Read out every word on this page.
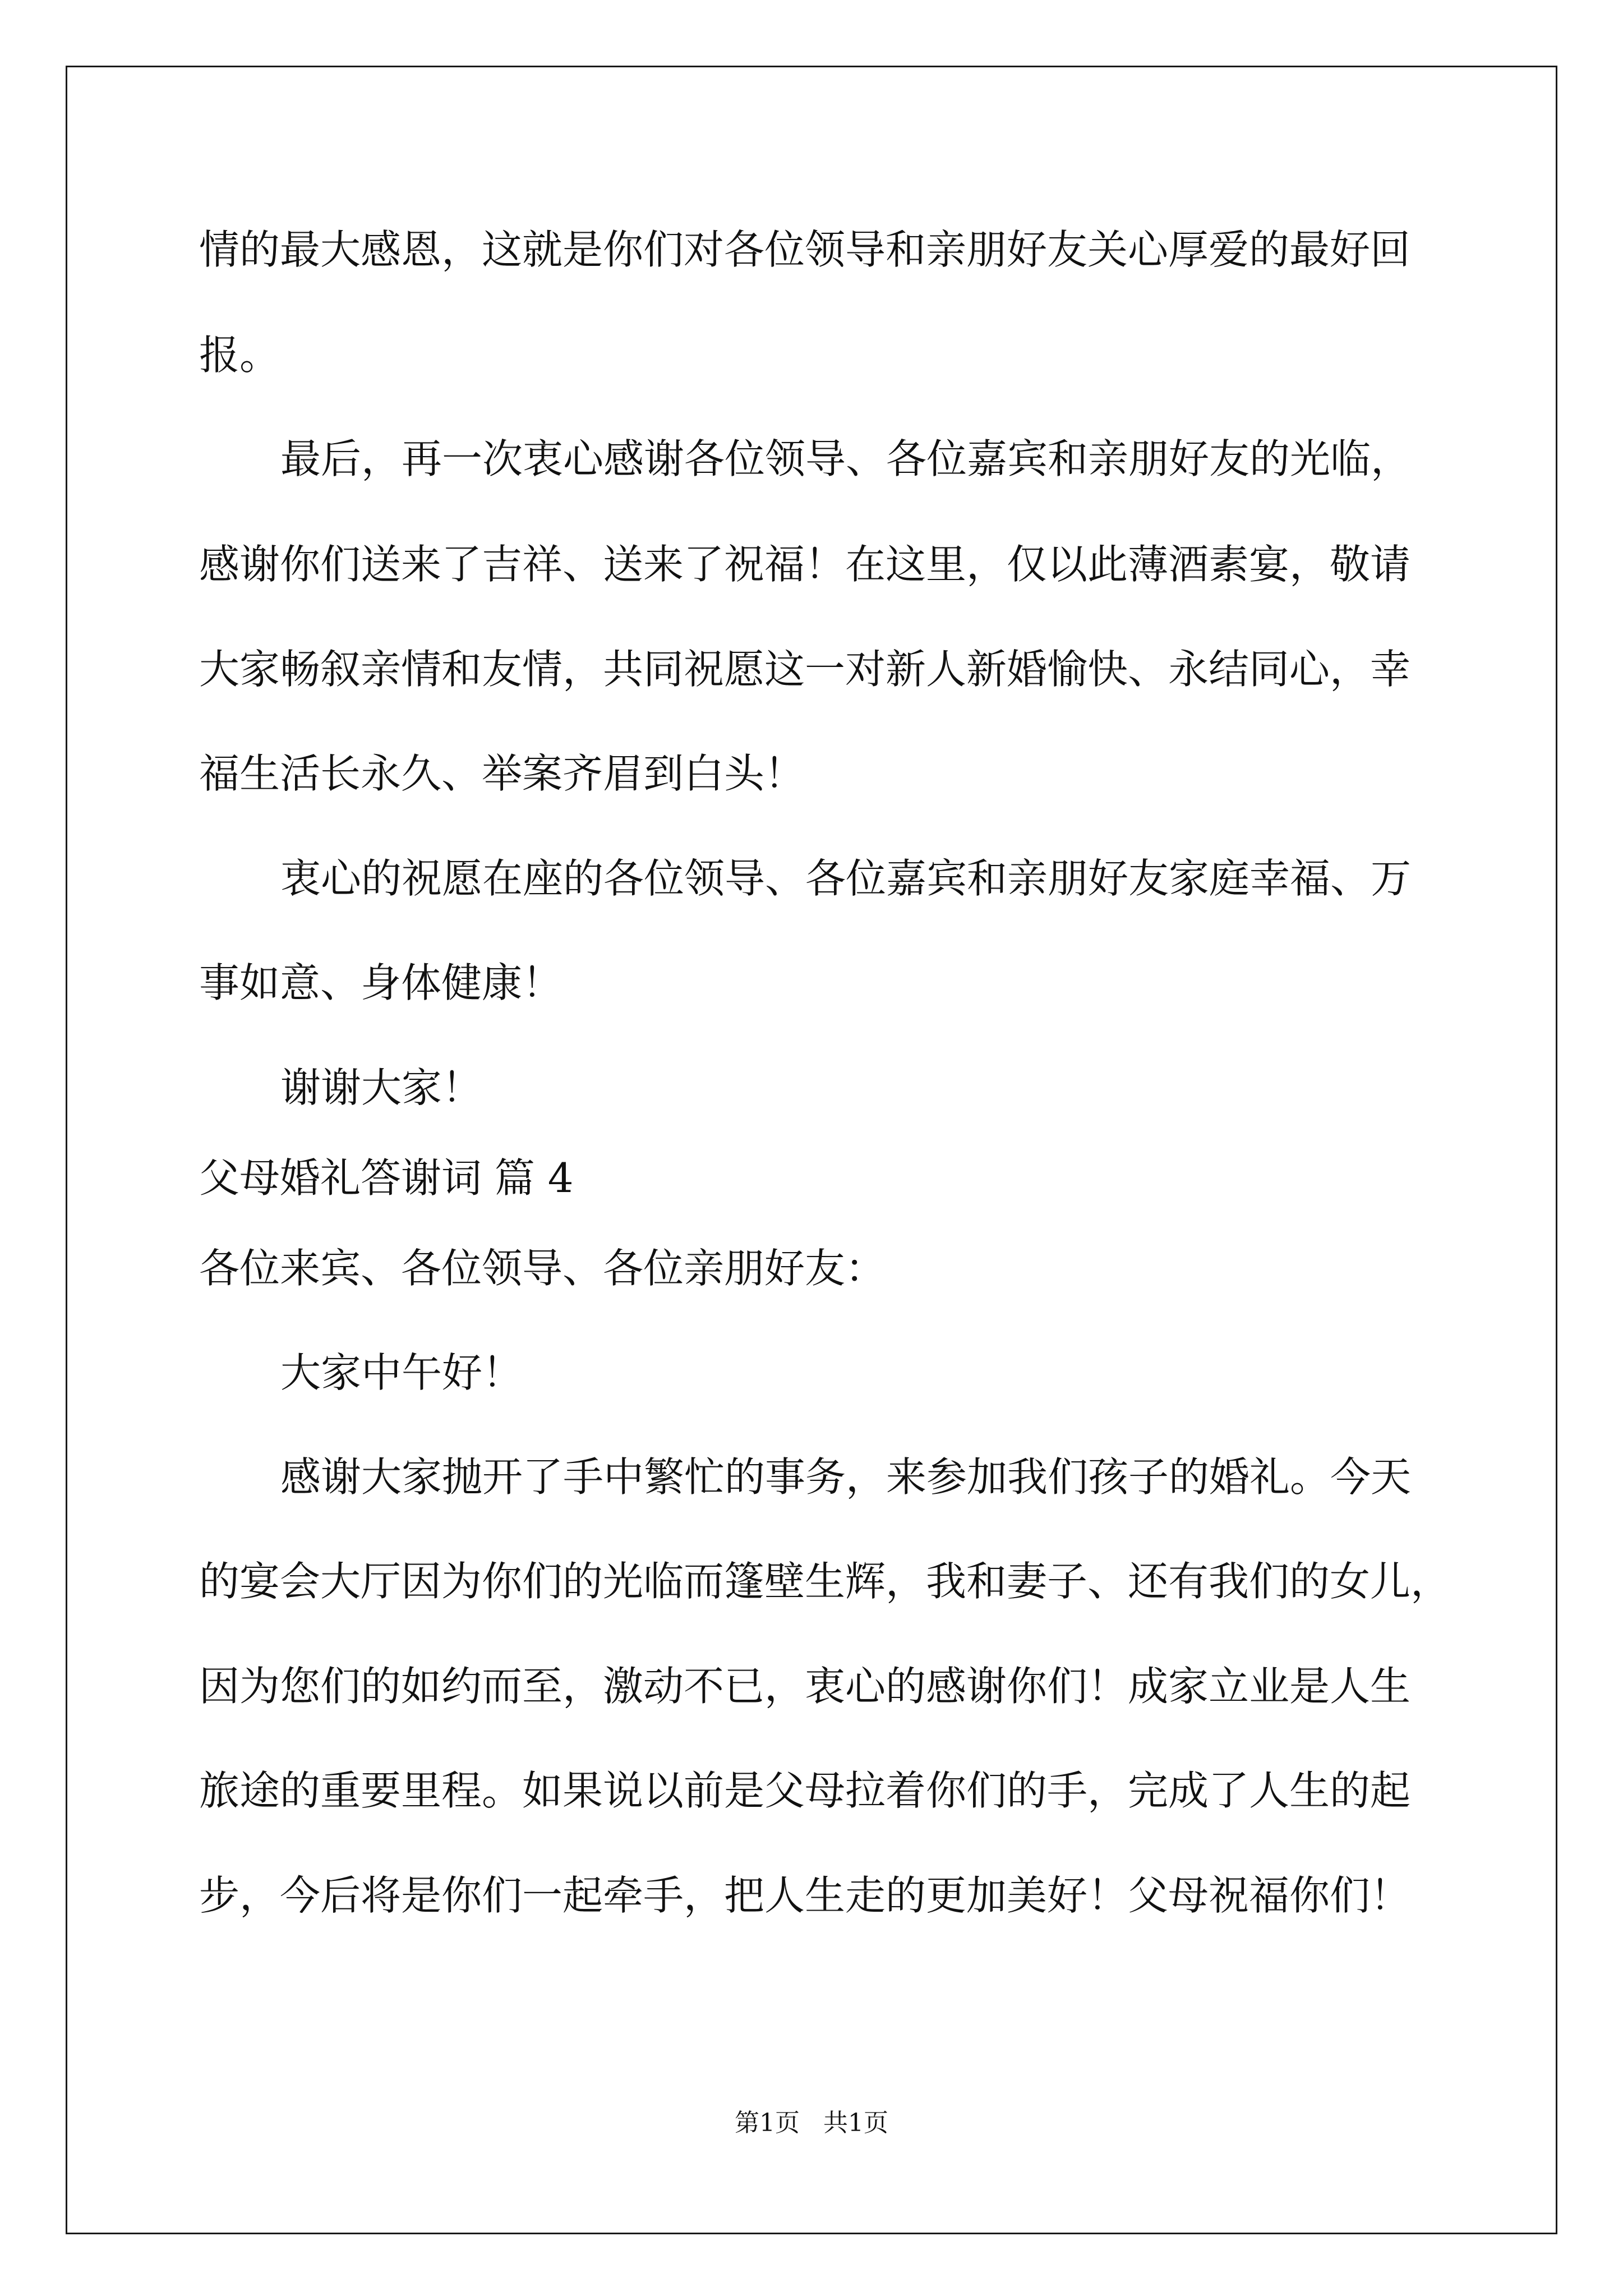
情的最大感恩，这就是你们对各位领导和亲朋好友关心厚爱的最好回
报。
最后，再一次衷心感谢各位领导、各位嘉宾和亲朋好友的光临，
感谢你们送来了吉祥、送来了祝福！在这里，仅以此薄酒素宴，敬请
大家畅叙亲情和友情，共同祝愿这一对新人新婚愉快、永结同心，幸
福生活长永久、举案齐眉到白头！
衷心的祝愿在座的各位领导、各位嘉宾和亲朋好友家庭幸福、万
事如意、身体健康！
谢谢大家！
父母婚礼答谢词 篇 4
各位来宾、各位领导、各位亲朋好友：
大家中午好！
感谢大家抛开了手中繁忙的事务，来参加我们孩子的婚礼。今天
的宴会大厅因为你们的光临而篷壁生辉，我和妻子、还有我们的女儿，
因为您们的如约而至，激动不已，衷心的感谢你们！成家立业是人生
旅途的重要里程。如果说以前是父母拉着你们的手，完成了人生的起
步，今后将是你们一起牵手，把人生走的更加美好！父母祝福你们！
第1页   共1页
